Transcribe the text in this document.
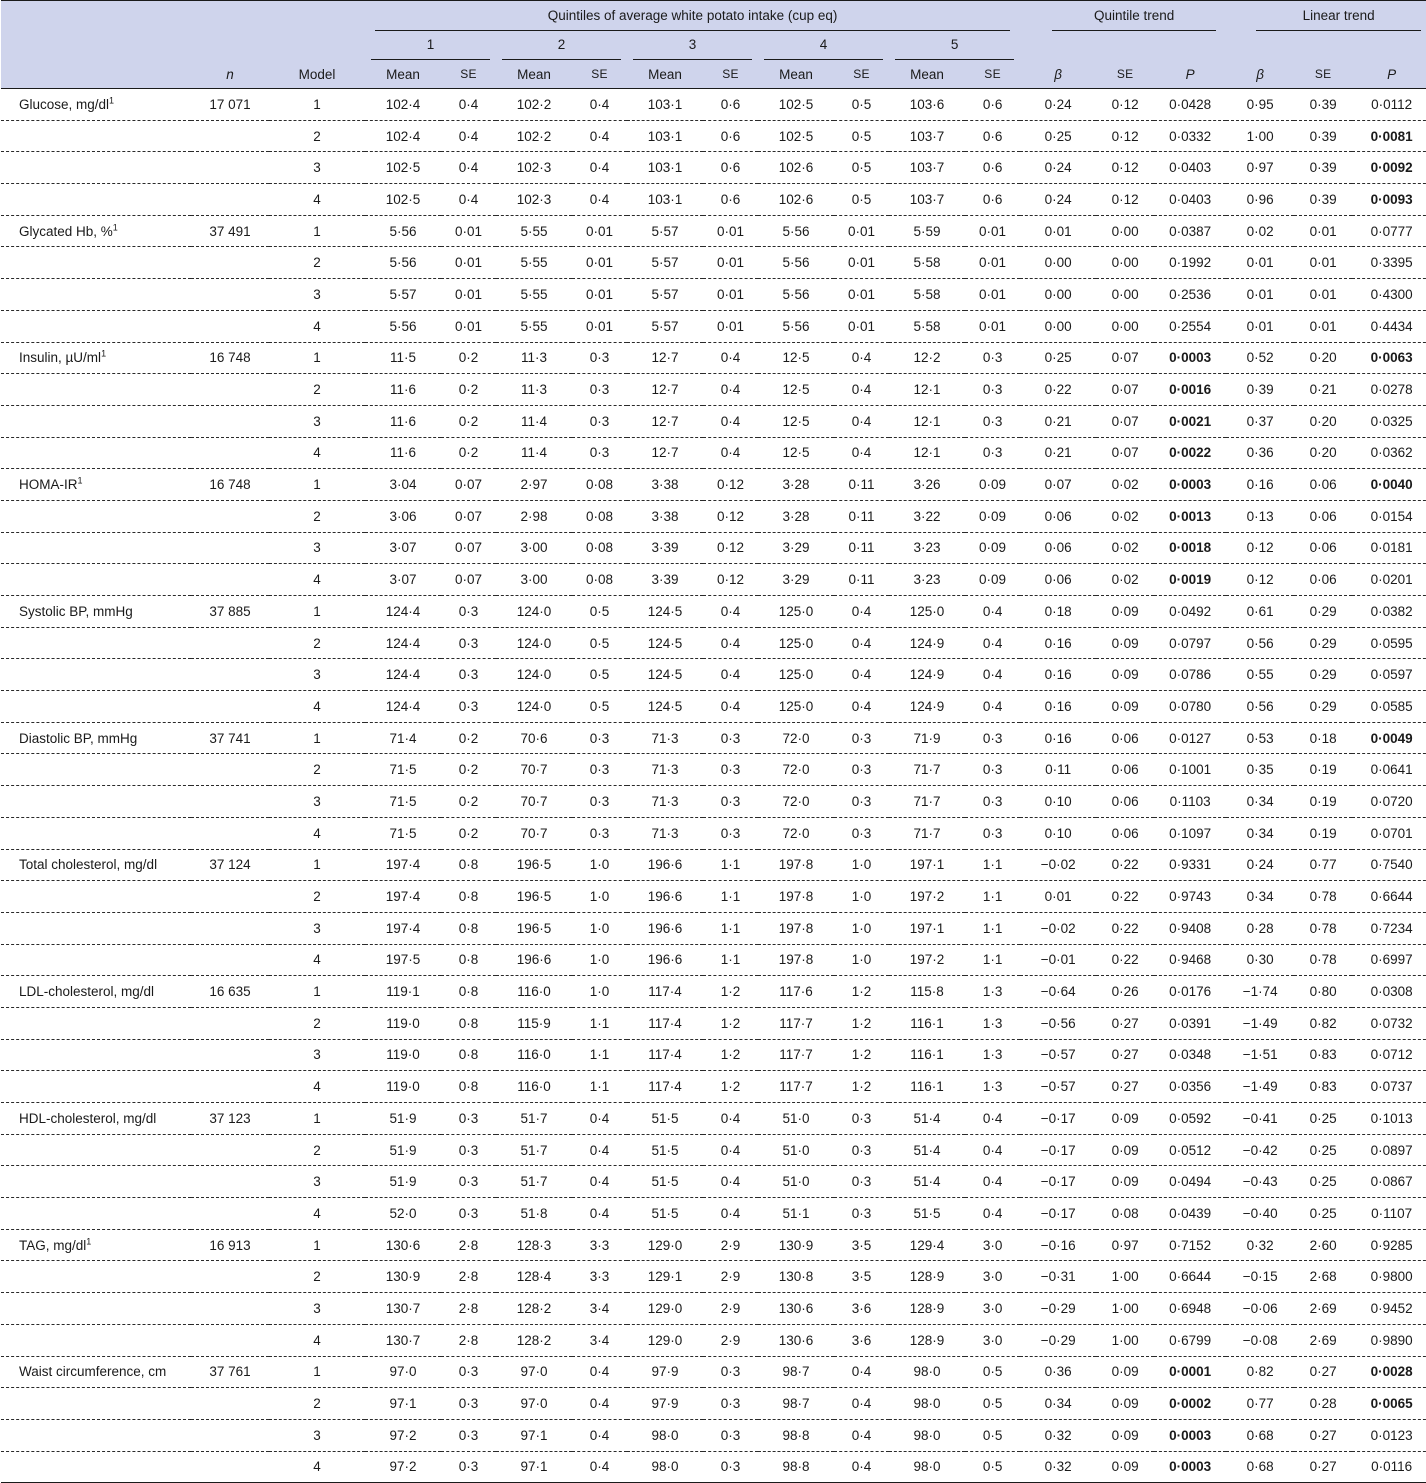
			Quintiles of average white potato intake (cup eq)										Quintile trend			Linear trend		

			1		2		3		4		5							

	n	Model	Mean	SE	Mean	SE	Mean	SE	Mean	SE	Mean	SE	β	SE	P	β	SE	P
Glucose, $mg/dl^1$	17 071	1	102·4	0·4	102·2	0·4	103·1	0·6	102·5	0·5	103·6	0·6	0·24	0·12	0·0428	0·95	0·39	0·0112
		2	102·4	0·4	102·2	0·4	103·1	0·6	102·5	0·5	103·7	0·6	0·25	0·12	0·0332	1·00	0·39	0·0081
		3	102·5	0·4	102·3	0·4	103·1	0·6	102·6	0·5	103·7	0·6	0·24	0·12	0·0403	0·97	0·39	0·0092
		4	102·5	0·4	102·3	0·4	103·1	0·6	102·6	0·5	103·7	0·6	0·24	0·12	0·0403	0·96	0·39	0·0093
Glycated Hb, %$^1$	37 491	1	5·56	0·01	5·55	0·01	5·57	0·01	5·56	0·01	5·59	0·01	0·01	0·00	0·0387	0·02	0·01	0·0777
		2	5·56	0·01	5·55	0·01	5·57	0·01	5·56	0·01	5·58	0·01	0·00	0·00	0·1992	0·01	0·01	0·3395
		3	5·57	0·01	5·55	0·01	5·57	0·01	5·56	0·01	5·58	0·01	0·00	0·00	0·2536	0·01	0·01	0·4300
		4	5·56	0·01	5·55	0·01	5·57	0·01	5·56	0·01	5·58	0·01	0·00	0·00	0·2554	0·01	0·01	0·4434
Insulin, $\mu U/ml^1$	16 748	1	11·5	0·2	11·3	0·3	12·7	0·4	12·5	0·4	12·2	0·3	0·25	0·07	0·0003	0·52	0·20	0·0063
		2	11·6	0·2	11·3	0·3	12·7	0·4	12·5	0·4	12·1	0·3	0·22	0·07	0·0016	0·39	0·21	0·0278
		3	11·6	0·2	11·4	0·3	12·7	0·4	12·5	0·4	12·1	0·3	0·21	0·07	0·0021	0·37	0·20	0·0325
		4	11·6	0·2	11·4	0·3	12·7	0·4	12·5	0·4	12·1	0·3	0·21	0·07	0·0022	0·36	0·20	0·0362
HOMA-$IR^1$	16 748	1	3·04	0·07	2·97	0·08	3·38	0·12	3·28	0·11	3·26	0·09	0·07	0·02	0·0003	0·16	0·06	0·0040
		2	3·06	0·07	2·98	0·08	3·38	0·12	3·28	0·11	3·22	0·09	0·06	0·02	0·0013	0·13	0·06	0·0154
		3	3·07	0·07	3·00	0·08	3·39	0·12	3·29	0·11	3·23	0·09	0·06	0·02	0·0018	0·12	0·06	0·0181
		4	3·07	0·07	3·00	0·08	3·39	0·12	3·29	0·11	3·23	0·09	0·06	0·02	0·0019	0·12	0·06	0·0201
Systolic BP, mmHg	37 885	1	124·4	0·3	124·0	0·5	124·5	0·4	125·0	0·4	125·0	0·4	0·18	0·09	0·0492	0·61	0·29	0·0382
		2	124·4	0·3	124·0	0·5	124·5	0·4	125·0	0·4	124·9	0·4	0·16	0·09	0·0797	0·56	0·29	0·0595
		3	124·4	0·3	124·0	0·5	124·5	0·4	125·0	0·4	124·9	0·4	0·16	0·09	0·0786	0·55	0·29	0·0597
		4	124·4	0·3	124·0	0·5	124·5	0·4	125·0	0·4	124·9	0·4	0·16	0·09	0·0780	0·56	0·29	0·0585
Diastolic BP, mmHg	37 741	1	71·4	0·2	70·6	0·3	71·3	0·3	72·0	0·3	71·9	0·3	0·16	0·06	0·0127	0·53	0·18	0·0049
		2	71·5	0·2	70·7	0·3	71·3	0·3	72·0	0·3	71·7	0·3	0·11	0·06	0·1001	0·35	0·19	0·0641
		3	71·5	0·2	70·7	0·3	71·3	0·3	72·0	0·3	71·7	0·3	0·10	0·06	0·1103	0·34	0·19	0·0720
		4	71·5	0·2	70·7	0·3	71·3	0·3	72·0	0·3	71·7	0·3	0·10	0·06	0·1097	0·34	0·19	0·0701
Total cholesterol, mg/dl	37 124	1	197·4	0·8	196·5	1·0	196·6	1·1	197·8	1·0	197·1	1·1	−0·02	0·22	0·9331	0·24	0·77	0·7540
		2	197·4	0·8	196·5	1·0	196·6	1·1	197·8	1·0	197·2	1·1	0·01	0·22	0·9743	0·34	0·78	0·6644
		3	197·4	0·8	196·5	1·0	196·6	1·1	197·8	1·0	197·1	1·1	−0·02	0·22	0·9408	0·28	0·78	0·7234
		4	197·5	0·8	196·6	1·0	196·6	1·1	197·8	1·0	197·2	1·1	−0·01	0·22	0·9468	0·30	0·78	0·6997
LDL-cholesterol, mg/dl	16 635	1	119·1	0·8	116·0	1·0	117·4	1·2	117·6	1·2	115·8	1·3	−0·64	0·26	0·0176	−1·74	0·80	0·0308
		2	119·0	0·8	115·9	1·1	117·4	1·2	117·7	1·2	116·1	1·3	−0·56	0·27	0·0391	−1·49	0·82	0·0732
		3	119·0	0·8	116·0	1·1	117·4	1·2	117·7	1·2	116·1	1·3	−0·57	0·27	0·0348	−1·51	0·83	0·0712
		4	119·0	0·8	116·0	1·1	117·4	1·2	117·7	1·2	116·1	1·3	−0·57	0·27	0·0356	−1·49	0·83	0·0737
HDL-cholesterol, mg/dl	37 123	1	51·9	0·3	51·7	0·4	51·5	0·4	51·0	0·3	51·4	0·4	−0·17	0·09	0·0592	−0·41	0·25	0·1013
		2	51·9	0·3	51·7	0·4	51·5	0·4	51·0	0·3	51·4	0·4	−0·17	0·09	0·0512	−0·42	0·25	0·0897
		3	51·9	0·3	51·7	0·4	51·5	0·4	51·0	0·3	51·4	0·4	−0·17	0·09	0·0494	−0·43	0·25	0·0867
		4	52·0	0·3	51·8	0·4	51·5	0·4	51·1	0·3	51·5	0·4	−0·17	0·08	0·0439	−0·40	0·25	0·1107
TAG, $mg/dl^1$	16 913	1	130·6	2·8	128·3	3·3	129·0	2·9	130·9	3·5	129·4	3·0	−0·16	0·97	0·7152	0·32	2·60	0·9285
		2	130·9	2·8	128·4	3·3	129·1	2·9	130·8	3·5	128·9	3·0	−0·31	1·00	0·6644	−0·15	2·68	0·9800
		3	130·7	2·8	128·2	3·4	129·0	2·9	130·6	3·6	128·9	3·0	−0·29	1·00	0·6948	−0·06	2·69	0·9452
		4	130·7	2·8	128·2	3·4	129·0	2·9	130·6	3·6	128·9	3·0	−0·29	1·00	0·6799	−0·08	2·69	0·9890
Waist circumference, cm	37 761	1	97·0	0·3	97·0	0·4	97·9	0·3	98·7	0·4	98·0	0·5	0·36	0·09	0·0001	0·82	0·27	0·0028
		2	97·1	0·3	97·0	0·4	97·9	0·3	98·7	0·4	98·0	0·5	0·34	0·09	0·0002	0·77	0·28	0·0065
		3	97·2	0·3	97·1	0·4	98·0	0·3	98·8	0·4	98·0	0·5	0·32	0·09	0·0003	0·68	0·27	0·0123
		4	97·2	0·3	97·1	0·4	98·0	0·3	98·8	0·4	98·0	0·5	0·32	0·09	0·0003	0·68	0·27	0·0116
